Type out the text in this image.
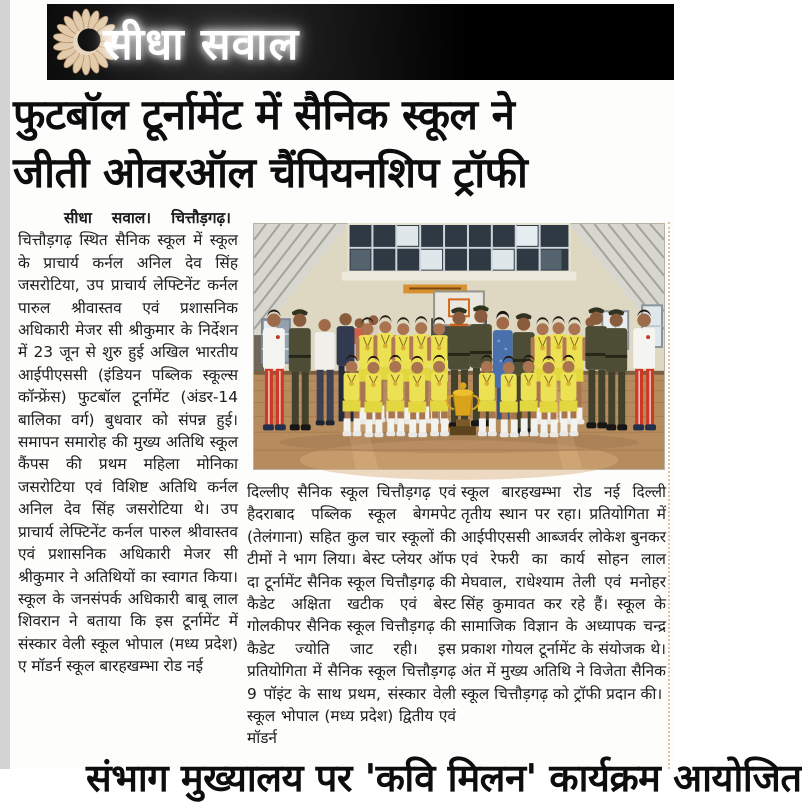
सीधा सवाल
फुटबॉल टूर्नामेंट में सैनिक स्कूल ने
जीती ओवरऑल चैंपियनशिप ट्रॉफी

सीधा सवाल। चित्तौड़गढ़।चित्तौड़गढ़ स्थित सैनिक स्कूल में स्कूल के प्राचार्य कर्नल अनिल देव सिंह जसरोटिया, उप प्राचार्य लेफ्टिनेंट कर्नल पारुल श्रीवास्तव एवं प्रशासनिक अधिकारी मेजर सी श्रीकुमार के निर्देशन में 23 जून से शुरु हुई अखिल भारतीय आईपीएससी (इंडियन पब्लिक स्कूल्स कॉन्फ्रेंस) फुटबॉल टूर्नामेंट (अंडर-14 बालिका वर्ग) बुधवार को संपन्न हुई। समापन समारोह की मुख्य अतिथि स्कूल कैंपस की प्रथम महिला मोनिका जसरोटिया एवं विशिष्ट अतिथि कर्नल अनिल देव सिंह जसरोटिया थे। उप प्राचार्य लेफ्टिनेंट कर्नल पारुल श्रीवास्तव एवं प्रशासनिक अधिकारी मेजर सी श्रीकुमार ने अतिथियों का स्वागत किया। स्कूल के जनसंपर्क अधिकारी बाबू लाल शिवरान ने बताया कि इस टूर्नामेंट में संस्कार वेली स्कूल भोपाल (मध्य प्रदेश) ए मॉडर्न स्कूल बारहखम्भा रोड नई

दिल्लीए सैनिक स्कूल चित्तौड़गढ़ एवं हैदराबाद पब्लिक स्कूल बेगमपेट (तेलंगाना) सहित कुल चार स्कूलों की टीमों ने भाग लिया। बेस्ट प्लेयर ऑफ दा टूर्नामेंट सैनिक स्कूल चित्तौड़गढ़ की कैडेट अक्षिता खटीक एवं बेस्ट गोलकीपर सैनिक स्कूल चित्तौड़गढ़ की कैडेट ज्योति जाट रही। इस प्रतियोगिता में सैनिक स्कूल चित्तौड़गढ़ 9 पॉइंट के साथ प्रथम, संस्कार वेली स्कूल भोपाल (मध्य प्रदेश) द्वितीय एवं मॉडर्न

स्कूल बारहखम्भा रोड नई दिल्ली तृतीय स्थान पर रहा। प्रतियोगिता में आईपीएससी आब्जर्वर लोकेश बुनकर एवं रेफरी का कार्य सोहन लाल मेघवाल, राधेश्याम तेली एवं मनोहर सिंह कुमावत कर रहे हैं। स्कूल के सामाजिक विज्ञान के अध्यापक चन्द्र प्रकाश गोयल टूर्नामेंट के संयोजक थे। अंत में मुख्य अतिथि ने विजेता सैनिक स्कूल चित्तौड़गढ़ को ट्रॉफी प्रदान की।

संभाग मुख्यालय पर 'कवि मिलन' कार्यक्रम आयोजित
